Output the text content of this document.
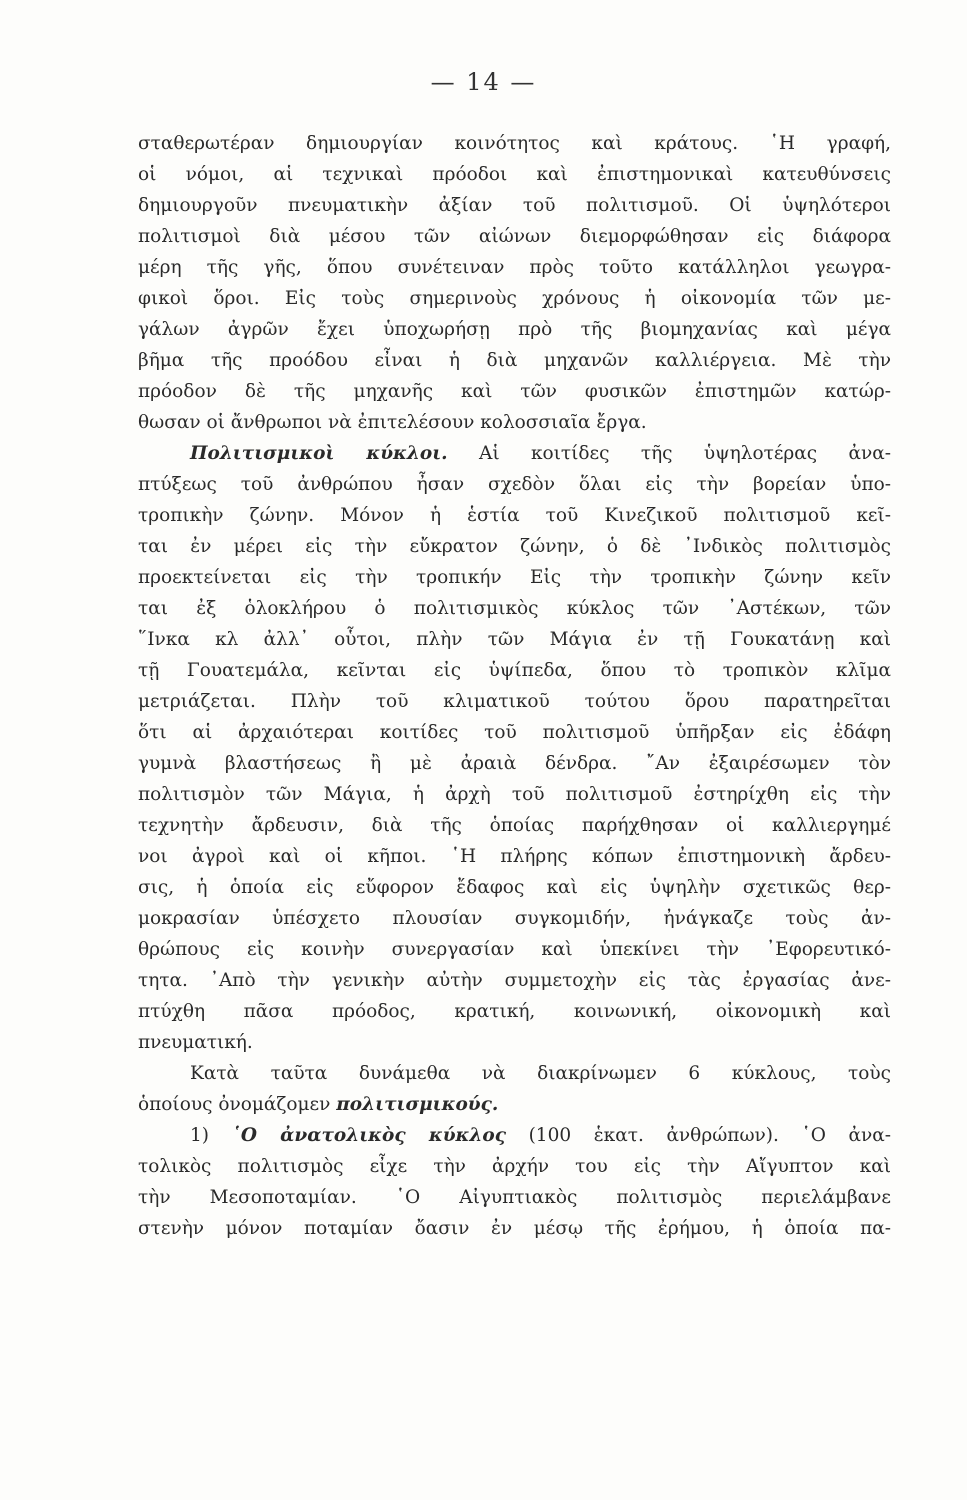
— 14 —
σταθερωτέραν δημιουργίαν κοινότητος καὶ κράτους. ῾Η γραφή,
οἱ νόμοι, αἱ τεχνικαὶ πρόοδοι καὶ ἐπιστημονικαὶ κατευθύνσεις
δημιουργοῦν πνευματικὴν ἀξίαν τοῦ πολιτισμοῦ. Οἱ ὑψηλότεροι
πολιτισμοὶ διὰ μέσου τῶν αἰώνων διεμορφώθησαν εἰς διάφορα
μέρη τῆς γῆς, ὅπου συνέτειναν πρὸς τοῦτο κατάλληλοι γεωγρα-
φικοὶ ὅροι. Εἰς τοὺς σημερινοὺς χρόνους ἡ οἰκονομία τῶν με-
γάλων ἀγρῶν ἔχει ὑποχωρήσῃ πρὸ τῆς βιομηχανίας καὶ μέγα
βῆμα τῆς προόδου εἶναι ἡ διὰ μηχανῶν καλλιέργεια. Μὲ τὴν
πρόοδον δὲ τῆς μηχανῆς καὶ τῶν φυσικῶν ἐπιστημῶν κατώρ-
θωσαν οἱ ἄνθρωποι νὰ ἐπιτελέσουν κολοσσιαῖα ἔργα.
Πολιτισμικοὶ κύκλοι. Αἱ κοιτίδες τῆς ὑψηλοτέρας ἀνα-
πτύξεως τοῦ ἀνθρώπου ἦσαν σχεδὸν ὅλαι εἰς τὴν βορείαν ὑπο-
τροπικὴν ζώνην. Μόνον ἡ ἑστία τοῦ Κινεζικοῦ πολιτισμοῦ κεῖ-
ται ἐν μέρει εἰς τὴν εὔκρατον ζώνην, ὁ δὲ ᾿Ινδικὸς πολιτισμὸς
προεκτείνεται εἰς τὴν τροπικήν Εἰς τὴν τροπικὴν ζώνην κεῖν
ται ἐξ ὁλοκλήρου ὁ πολιτισμικὸς κύκλος τῶν ᾿Αστέκων, τῶν
῞Ινκα κλ ἀλλ᾿ οὗτοι, πλὴν τῶν Μάγια ἐν τῇ Γουκατάνῃ καὶ
τῇ Γουατεμάλα, κεῖνται εἰς ὑψίπεδα, ὅπου τὸ τροπικὸν κλῖμα
μετριάζεται. Πλὴν τοῦ κλιματικοῦ τούτου ὅρου παρατηρεῖται
ὅτι αἱ ἀρχαιότεραι κοιτίδες τοῦ πολιτισμοῦ ὑπῆρξαν εἰς ἐδάφη
γυμνὰ βλαστήσεως ἢ μὲ ἀραιὰ δένδρα. ῎Αν ἐξαιρέσωμεν τὸν
πολιτισμὸν τῶν Μάγια, ἡ ἀρχὴ τοῦ πολιτισμοῦ ἐστηρίχθη εἰς τὴν
τεχνητὴν ἄρδευσιν, διὰ τῆς ὁποίας παρήχθησαν οἱ καλλιεργημέ
νοι ἀγροὶ καὶ οἱ κῆποι. ῾Η πλήρης κόπων ἐπιστημονικὴ ἄρδευ-
σις, ἡ ὁποία εἰς εὔφορον ἔδαφος καὶ εἰς ὑψηλὴν σχετικῶς θερ-
μοκρασίαν ὑπέσχετο πλουσίαν συγκομιδήν, ἠνάγκαζε τοὺς ἀν-
θρώπους εἰς κοινὴν συνεργασίαν καὶ ὑπεκίνει τὴν ᾿Εφορευτικό-
τητα. ᾿Απὸ τὴν γενικὴν αὐτὴν συμμετοχὴν εἰς τὰς ἐργασίας ἀνε-
πτύχθη πᾶσα πρόοδος, κρατική, κοινωνική, οἰκονομικὴ καὶ
πνευματική.
Κατὰ ταῦτα δυνάμεθα νὰ διακρίνωμεν 6 κύκλους, τοὺς
ὁποίους ὀνομάζομεν πολιτισμικούς.
1) ῾Ο ἀνατολικὸς κύκλος (100 ἑκατ. ἀνθρώπων). ῾Ο ἀνα-
τολικὸς πολιτισμὸς εἶχε τὴν ἀρχήν του εἰς τὴν Αἴγυπτον καὶ
τὴν Μεσοποταμίαν. ῾Ο Αἰγυπτιακὸς πολιτισμὸς περιελάμβανε
στενὴν μόνον ποταμίαν ὄασιν ἐν μέσῳ τῆς ἐρήμου, ἡ ὁποία πα-
